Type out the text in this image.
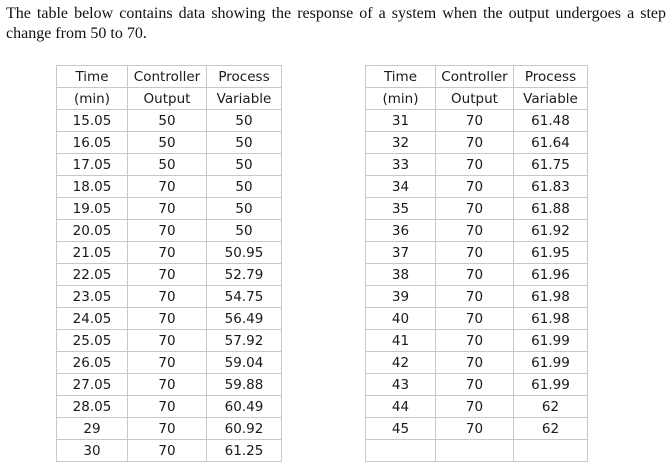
The table below contains data showing the response of a system when the output undergoes a step change from 50 to 70.

Time	Controller	Process
(min)	Output	Variable
15.05	50	50
16.05	50	50
17.05	50	50
18.05	70	50
19.05	70	50
20.05	70	50
21.05	70	50.95
22.05	70	52.79
23.05	70	54.75
24.05	70	56.49
25.05	70	57.92
26.05	70	59.04
27.05	70	59.88
28.05	70	60.49
29	70	60.92
30	70	61.25
Time	Controller	Process
(min)	Output	Variable
31	70	61.48
32	70	61.64
33	70	61.75
34	70	61.83
35	70	61.88
36	70	61.92
37	70	61.95
38	70	61.96
39	70	61.98
40	70	61.98
41	70	61.99
42	70	61.99
43	70	61.99
44	70	62
45	70	62
